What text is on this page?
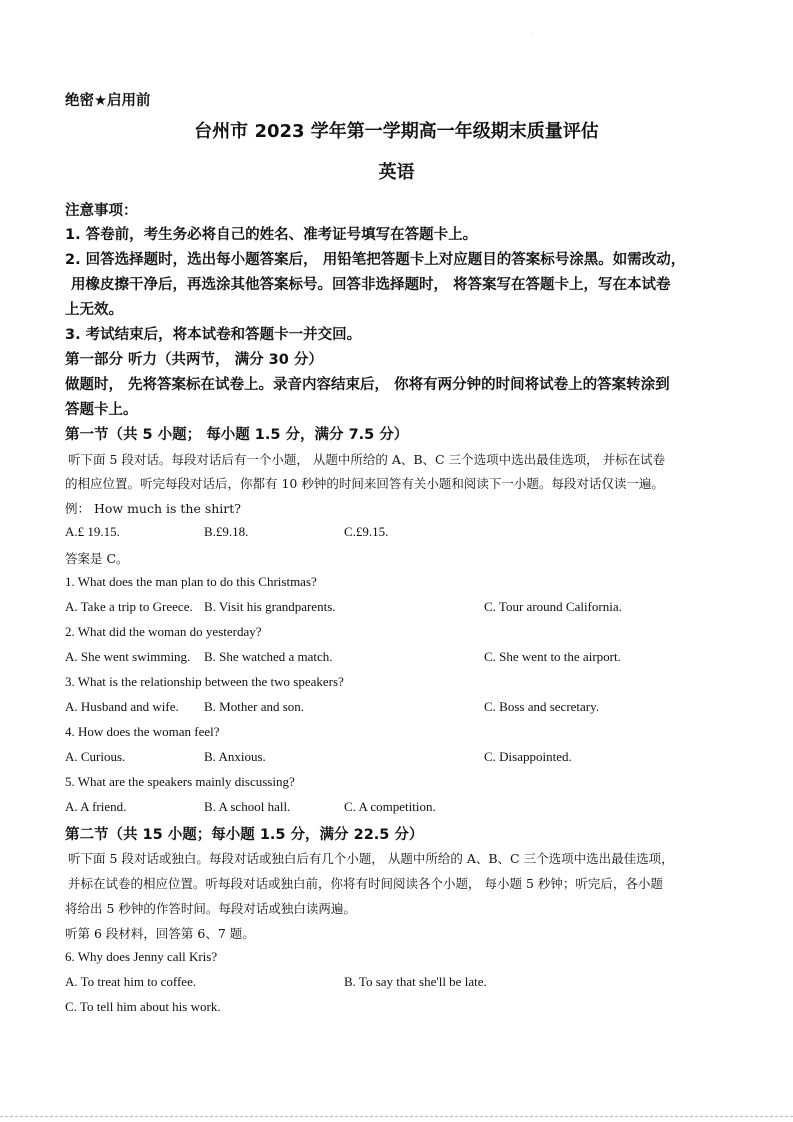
·
绝密★启用前
台州市 2023 学年第一学期高一年级期末质量评估
英语
注意事项：
1. 答卷前，考生务必将自己的姓名、准考证号填写在答题卡上。
2. 回答选择题时，选出每小题答案后， 用铅笔把答题卡上对应题目的答案标号涂黑。如需改动，
用橡皮擦干净后，再选涂其他答案标号。回答非选择题时， 将答案写在答题卡上，写在本试卷
上无效。
3. 考试结束后，将本试卷和答题卡一并交回。
第一部分 听力（共两节， 满分 30 分）
做题时， 先将答案标在试卷上。录音内容结束后， 你将有两分钟的时间将试卷上的答案转涂到
答题卡上。
第一节（共 5 小题； 每小题 1.5 分，满分 7.5 分）
听下面 5 段对话。每段对话后有一个小题， 从题中所给的 A、B、C 三个选项中选出最佳选项， 并标在试卷
的相应位置。听完每段对话后，你都有 10 秒钟的时间来回答有关小题和阅读下一小题。每段对话仅读一遍。
例： How much is the shirt?
A.£ 19.15.	B.£9.18.	C.£9.15.
答案是 C。
1. What does the man plan to do this Christmas?
A. Take a trip to Greece. B. Visit his grandparents.	C. Tour around California.
2. What did the woman do yesterday?
A. She went swimming. B. She watched a match.	C. She went to the airport.
3. What is the relationship between the two speakers?
A. Husband and wife. B. Mother and son.	C. Boss and secretary.
4. How does the woman feel?
A. Curious.	B. Anxious.	C. Disappointed.
5. What are the speakers mainly discussing?
A. A friend.	B. A school hall.	C. A competition.
第二节（共 15 小题；每小题 1.5 分，满分 22.5 分）
听下面 5 段对话或独白。每段对话或独白后有几个小题， 从题中所给的 A、B、C 三个选项中选出最佳选项，
并标在试卷的相应位置。听每段对话或独白前，你将有时间阅读各个小题， 每小题 5 秒钟；听完后，各小题
将给出 5 秒钟的作答时间。每段对话或独白读两遍。
听第 6 段材料，回答第 6、7 题。
6. Why does Jenny call Kris?
A. To treat him to coffee.	B. To say that she'll be late.
C. To tell him about his work.
